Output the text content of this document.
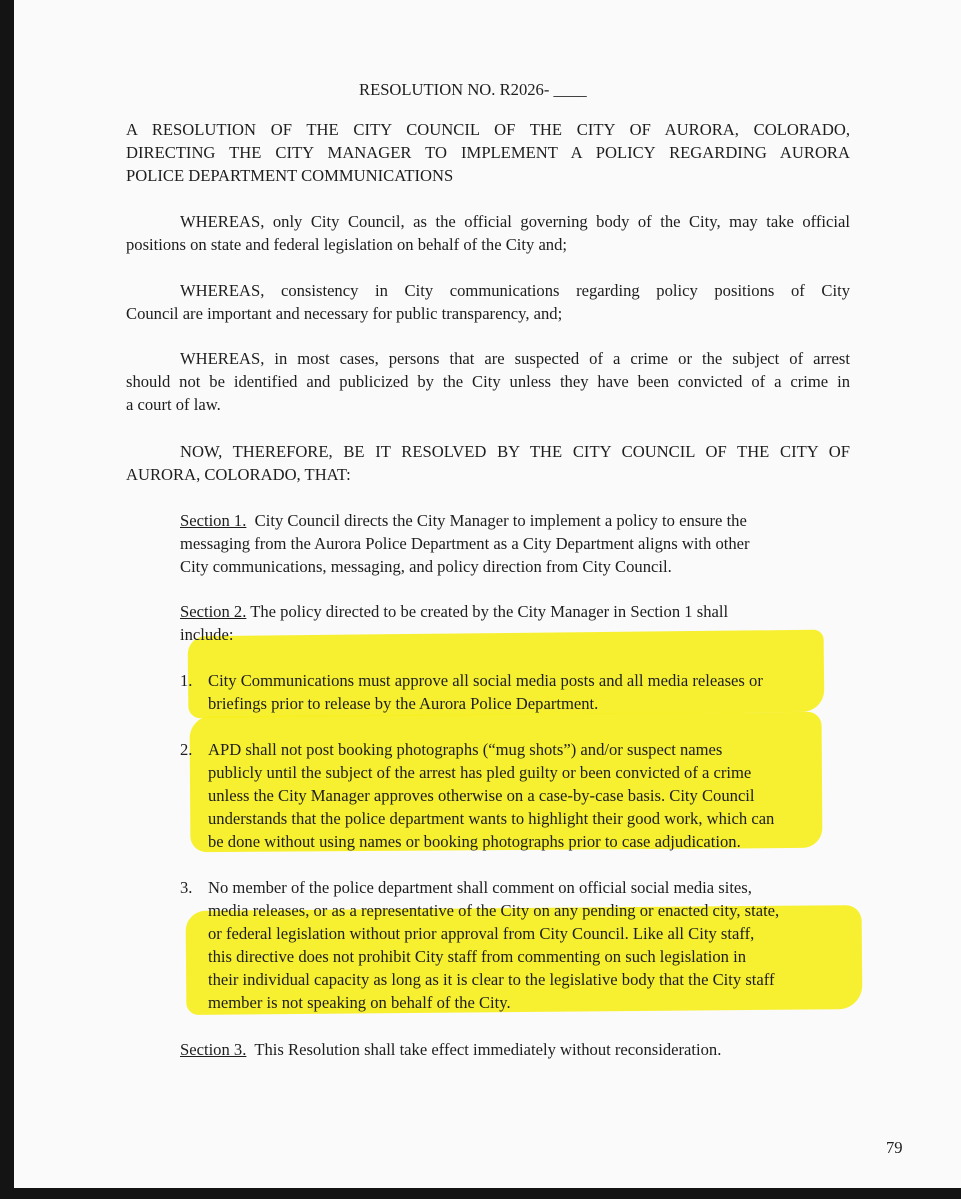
RESOLUTION NO. R2026- ____

A RESOLUTION OF THE CITY COUNCIL OF THE CITY OF AURORA, COLORADO,

DIRECTING THE CITY MANAGER TO IMPLEMENT A POLICY REGARDING AURORA

POLICE DEPARTMENT COMMUNICATIONS

WHEREAS, only City Council, as the official governing body of the City, may take official

positions on state and federal legislation on behalf of the City and;

WHEREAS, consistency in City communications regarding policy positions of City

Council are important and necessary for public transparency, and;

WHEREAS, in most cases, persons that are suspected of a crime or the subject of arrest

should not be identified and publicized by the City unless they have been convicted of a crime in

a court of law.

NOW, THEREFORE, BE IT RESOLVED BY THE CITY COUNCIL OF THE CITY OF

AURORA, COLORADO, THAT:

Section 1. City Council directs the City Manager to implement a policy to ensure the

messaging from the Aurora Police Department as a City Department aligns with other

City communications, messaging, and policy direction from City Council.

Section 2. The policy directed to be created by the City Manager in Section 1 shall

include:

1. City Communications must approve all social media posts and all media releases or

briefings prior to release by the Aurora Police Department.

2. APD shall not post booking photographs (“mug shots”) and/or suspect names

publicly until the subject of the arrest has pled guilty or been convicted of a crime

unless the City Manager approves otherwise on a case-by-case basis. City Council

understands that the police department wants to highlight their good work, which can

be done without using names or booking photographs prior to case adjudication.

3. No member of the police department shall comment on official social media sites,

media releases, or as a representative of the City on any pending or enacted city, state,

or federal legislation without prior approval from City Council. Like all City staff,

this directive does not prohibit City staff from commenting on such legislation in

their individual capacity as long as it is clear to the legislative body that the City staff

member is not speaking on behalf of the City.

Section 3. This Resolution shall take effect immediately without reconsideration.

79
